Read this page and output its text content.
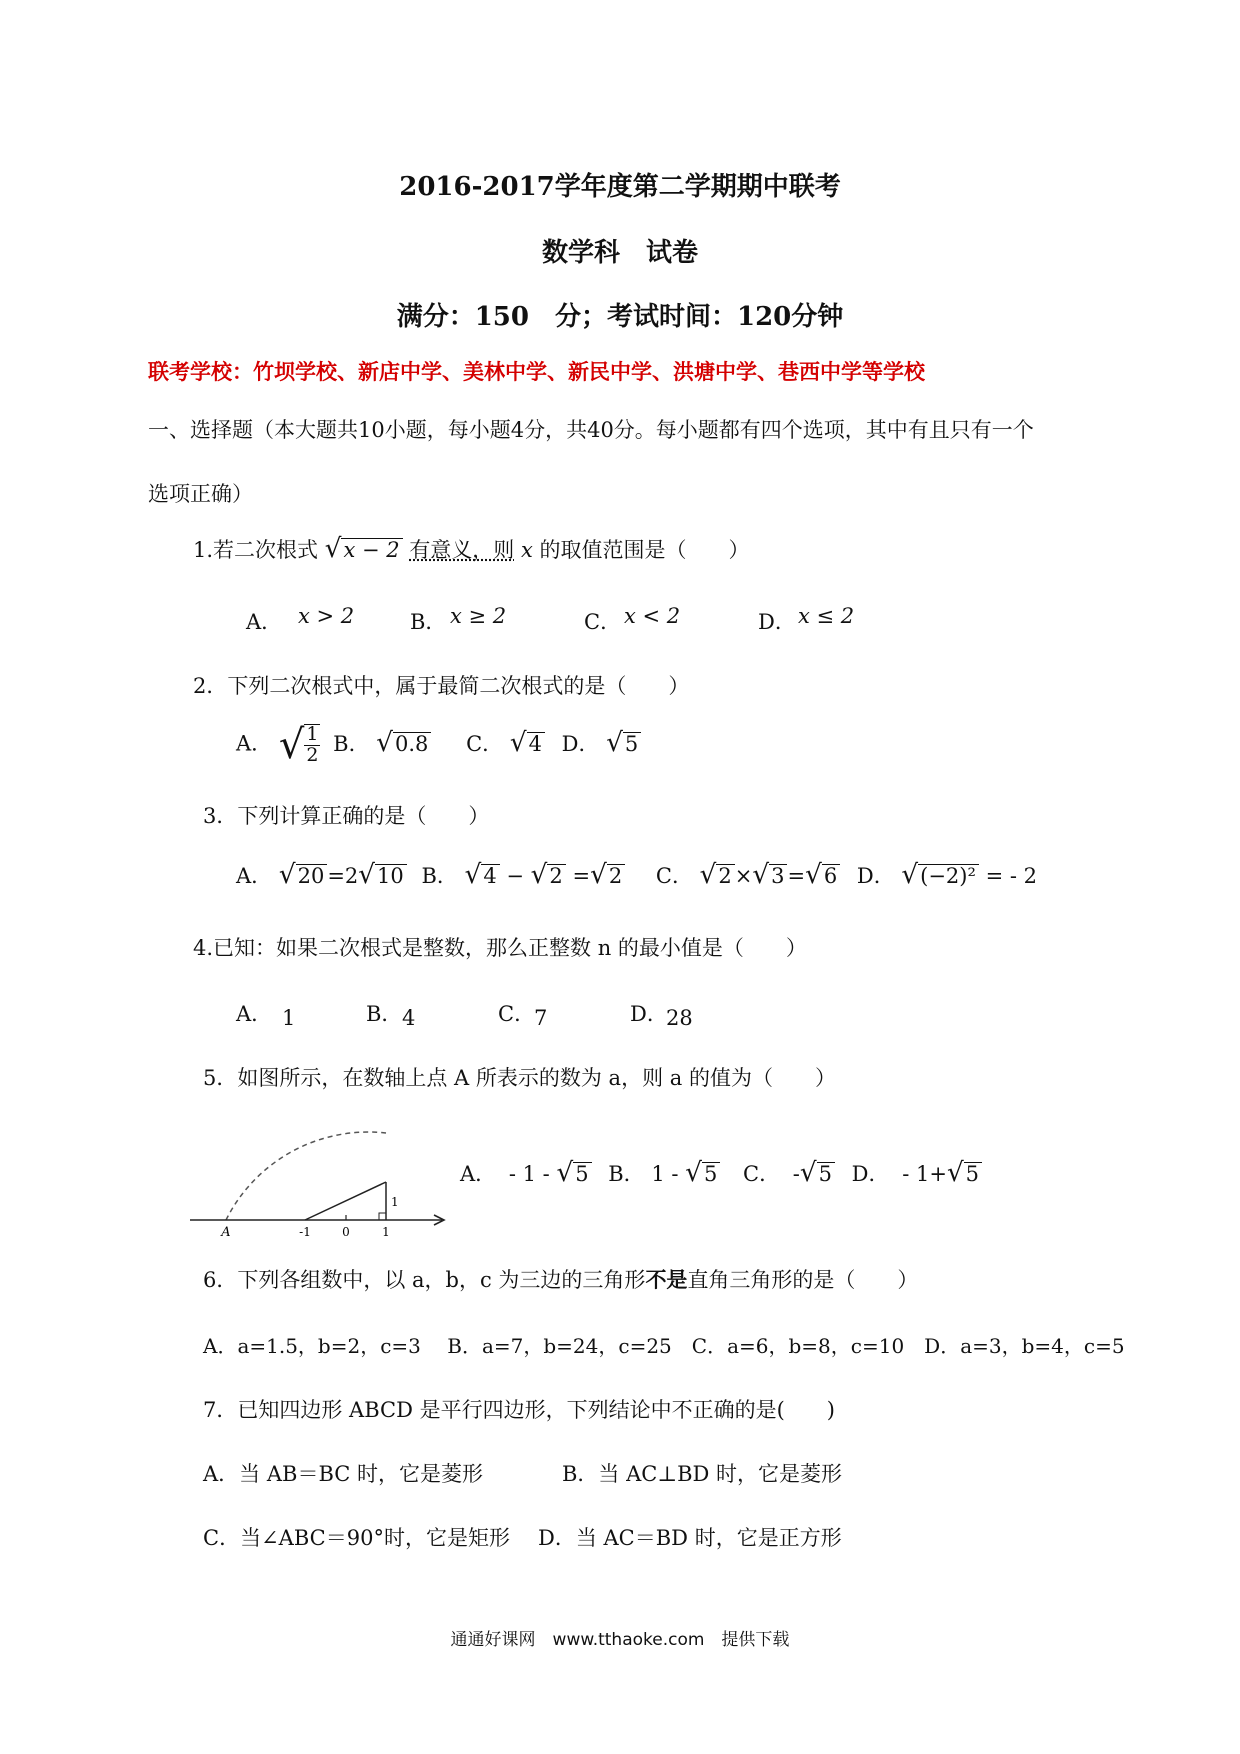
2016-2017学年度第二学期期中联考
数学科　试卷
满分：150　分；考试时间：120分钟
联考学校：竹坝学校、新店中学、美林中学、新民中学、洪塘中学、巷西中学等学校
一、选择题（本大题共10小题，每小题4分，共40分。每小题都有四个选项，其中有且只有一个
选项正确）
1.若二次根式 √x − 2 有意义，则 x 的取值范围是（　　）
A． x > 2	B． x ≥ 2	C． x < 2	D． x ≤ 2
2．下列二次根式中，属于最简二次根式的是（　　）
A． √ $\frac{1}{2}$ B． √0.8 C． √4 D． √5
3．下列计算正确的是（　　）
A． √20 =2√10 B． √4 − √2 =√2 C． √2 ×√3 =√6 D． √(−2)² = - 2
4.已知：如果二次根式是整数，那么正整数 n 的最小值是（　　）
A． 1	B． 4	C．
7	D．
28
5．如图所示，在数轴上点 A 所表示的数为 a，则 a 的值为（　　）
A	-1	0	1
1
A． - 1 - √5 B． 1 - √5 C． -√5 D． - 1+√5
6．下列各组数中，以 a，b，c 为三边的三角形不是直角三角形的是（　　）
A．a=1.5，b=2，c=3　 B．a=7，b=24，c=25　C．a=6，b=8，c=10　D．a=3，b=4，c=5
7．已知四边形 ABCD 是平行四边形，下列结论中不正确的是(　　)
A．当 AB＝BC 时，它是菱形	B．当 AC⊥BD 时，它是菱形
C．当∠ABC＝90°时，它是矩形 D．当 AC＝BD 时，它是正方形
通通好课网　www.tthaoke.com　提供下载
